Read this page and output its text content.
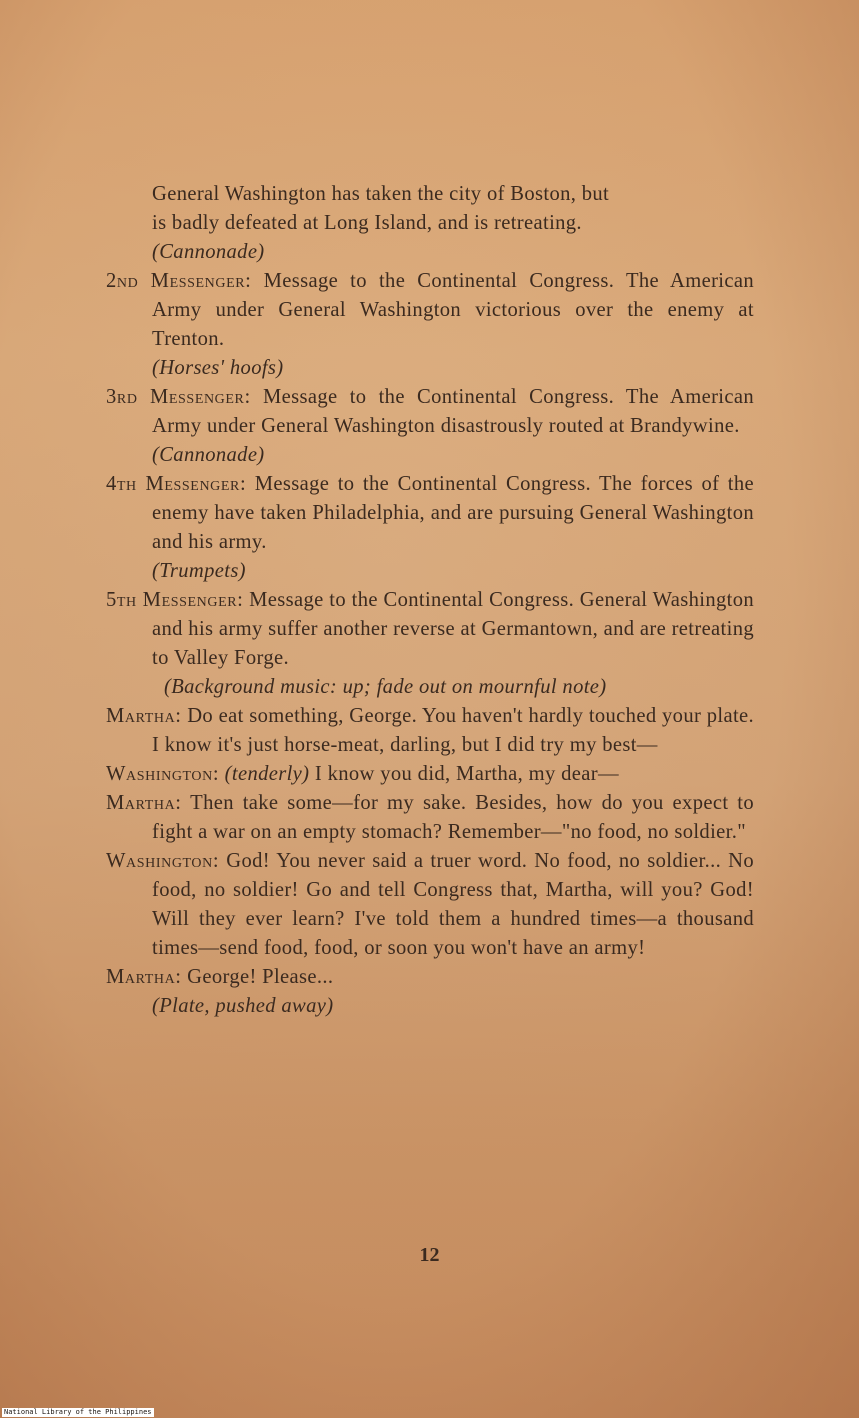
General Washington has taken the city of Boston, but
is badly defeated at Long Island, and is retreating.
(Cannonade)

2nd Messenger: Message to the Continental Congress. The American Army under General Washington victorious over the enemy at Trenton.
(Horses' hoofs)

3rd Messenger: Message to the Continental Congress. The American Army under General Washington disastrously routed at Brandywine.
(Cannonade)

4th Messenger: Message to the Continental Congress. The forces of the enemy have taken Philadelphia, and are pursuing General Washington and his army.
(Trumpets)

5th Messenger: Message to the Continental Congress. General Washington and his army suffer another reverse at Germantown, and are retreating to Valley Forge.
(Background music: up; fade out on mournful note)

Martha: Do eat something, George. You haven't hardly touched your plate. I know it's just horse-meat, darling, but I did try my best—

Washington: (tenderly) I know you did, Martha, my dear—

Martha: Then take some—for my sake. Besides, how do you expect to fight a war on an empty stomach? Remember—"no food, no soldier."

Washington: God! You never said a truer word. No food, no soldier... No food, no soldier! Go and tell Congress that, Martha, will you? God! Will they ever learn? I've told them a hundred times—a thousand times—send food, food, or soon you won't have an army!

Martha: George! Please...
(Plate, pushed away)

12
National Library of the Philippines
